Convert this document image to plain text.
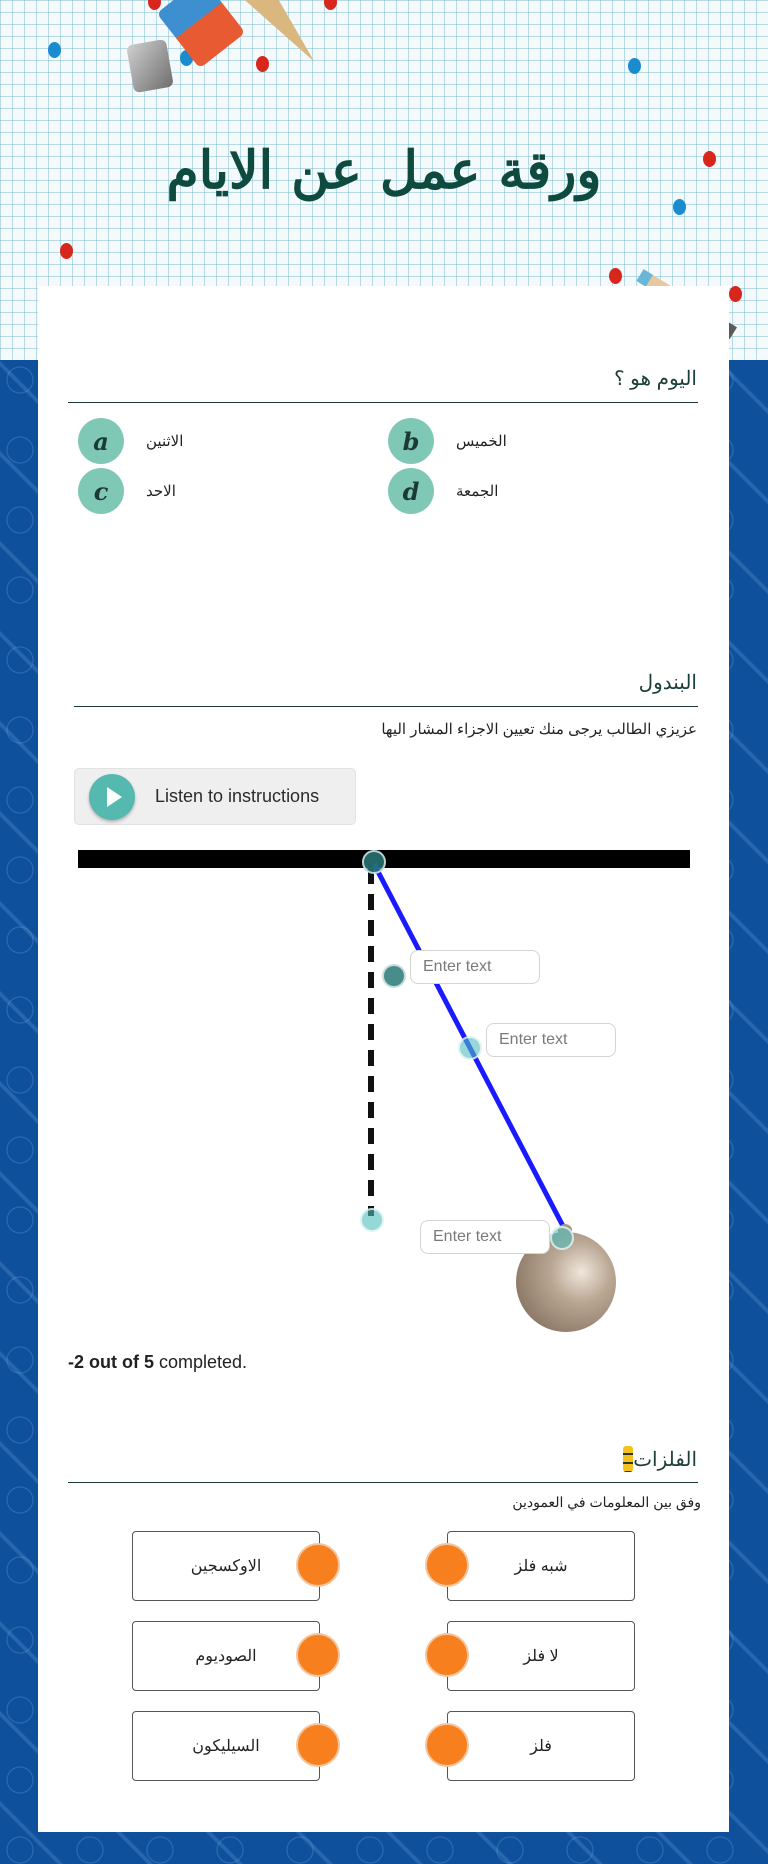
ورقة عمل عن الايام
اليوم هو ؟
a	الاثنين	b	الخميس
c	الاحد	d	الجمعة
البندول
عزيزي الطالب يرجى منك تعيين الاجزاء المشار اليها
Listen to instructions
Enter text
Enter text
Enter text
-2 out of 5 completed.
الفلزات
وفق بين المعلومات في العمودين
الاوكسجين
الصوديوم
السيليكون
شبه فلز
لا فلز
فلز
